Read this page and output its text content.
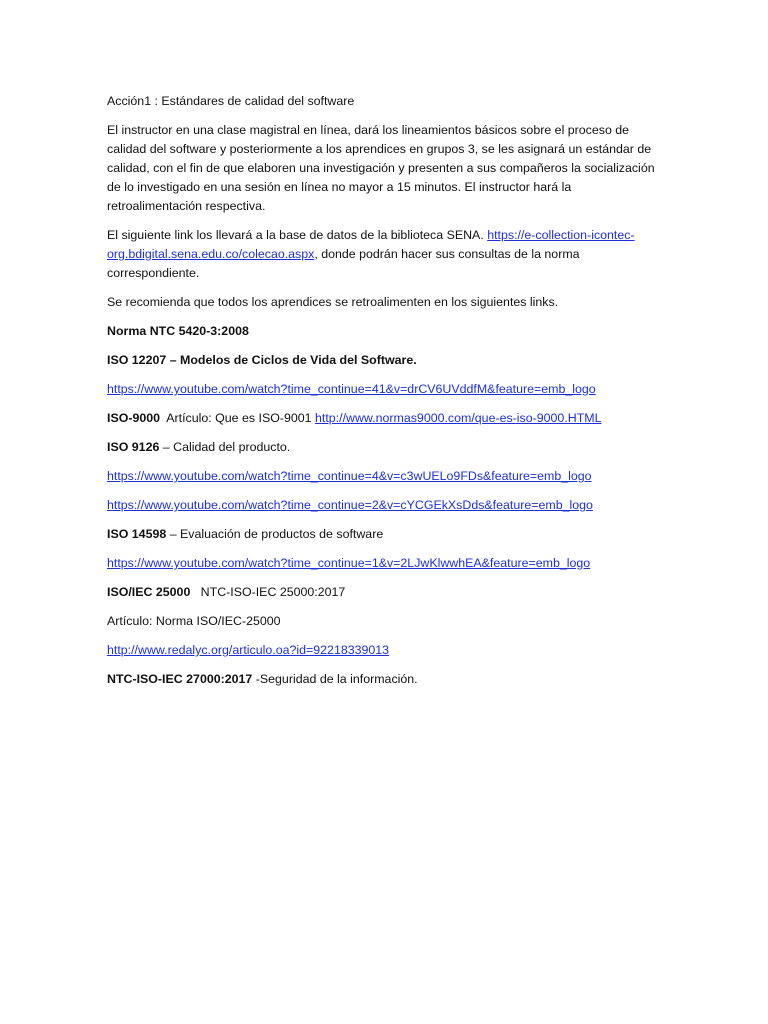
Acción1 : Estándares de calidad del software

El instructor en una clase magistral en línea, dará los lineamientos básicos sobre el proceso de calidad del software y posteriormente a los aprendices en grupos 3, se les asignará un estándar de calidad, con el fin de que elaboren una investigación y presenten a sus compañeros la socialización de lo investigado en una sesión en línea no mayor a 15 minutos. El instructor hará la retroalimentación respectiva.

El siguiente link los llevará a la base de datos de la biblioteca SENA. https://e-collection-icontec-org.bdigital.sena.edu.co/colecao.aspx, donde podrán hacer sus consultas de la norma correspondiente.

Se recomienda que todos los aprendices se retroalimenten en los siguientes links.

Norma NTC 5420-3:2008

ISO 12207 – Modelos de Ciclos de Vida del Software.

https://www.youtube.com/watch?time_continue=41&v=drCV6UVddfM&feature=emb_logo

ISO-9000  Artículo: Que es ISO-9001 http://www.normas9000.com/que-es-iso-9000.HTML

ISO 9126 – Calidad del producto.

https://www.youtube.com/watch?time_continue=4&v=c3wUELo9FDs&feature=emb_logo

https://www.youtube.com/watch?time_continue=2&v=cYCGEkXsDds&feature=emb_logo

ISO 14598 – Evaluación de productos de software

https://www.youtube.com/watch?time_continue=1&v=2LJwKlwwhEA&feature=emb_logo

ISO/IEC 25000   NTC-ISO-IEC 25000:2017

Artículo: Norma ISO/IEC-25000

http://www.redalyc.org/articulo.oa?id=92218339013

NTC-ISO-IEC 27000:2017 -Seguridad de la información.
